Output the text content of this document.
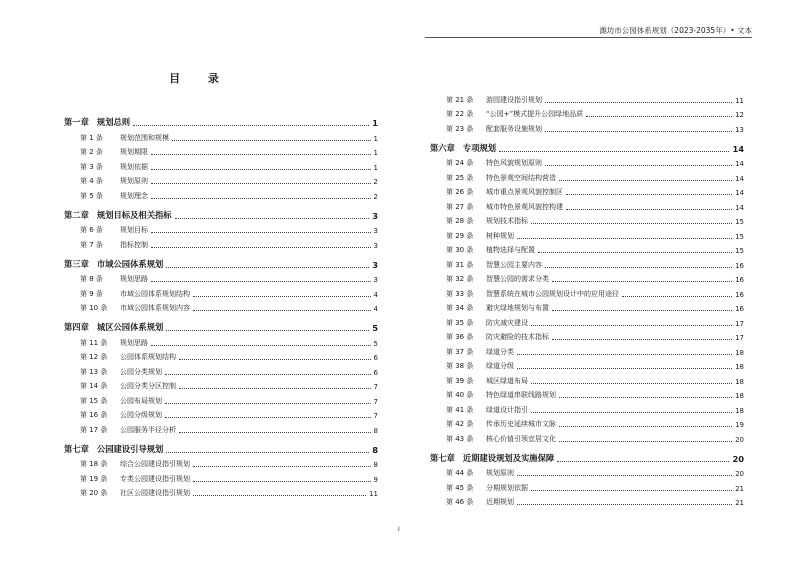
潍坊市公园体系规划（2023-2035年）• 文本
目 录
第一章 规划总则	1
第 1 条	规划范围和规模	1
第 2 条	规划期限	1
第 3 条	规划依据	1
第 4 条	规划原则	2
第 5 条	规划理念	2
第二章 规划目标及相关指标	3
第 6 条	规划目标	3
第 7 条	指标控制	3
第三章 市域公园体系规划	3
第 8 条	规划思路	3
第 9 条	市域公园体系规划结构	4
第 10 条	市域公园体系规划内容	4
第四章 城区公园体系规划	5
第 11 条	规划思路	5
第 12 条	公园体系规划结构	6
第 13 条	公园分类规划	6
第 14 条	公园分类分区控制	7
第 15 条	公园布局规划	7
第 16 条	公园分级规划	7
第 17 条	公园服务半径分析	8
第七章 公园建设引导规划	8
第 18 条	综合公园建设指引规划	8
第 19 条	专类公园建设指引规划	9
第 20 条	社区公园建设指引规划	11
第 21 条	游园建设指引规划	11
第 22 条	“公园+”模式提升公园绿地品质	12
第 23 条	配套服务设施规划	13
第六章 专项规划	14
第 24 条	特色风貌规划原则	14
第 25 条	特色景观空间结构营造	14
第 26 条	城市重点景观风貌控制区	14
第 27 条	城市特色景观风貌控构建	14
第 28 条	规划技术指标	15
第 29 条	树种规划	15
第 30 条	植物选择与配置	15
第 31 条	智慧公园主要内容	16
第 32 条	智慧公园的需求分类	16
第 33 条	智慧系统在城市公园规划设计中的应用途径	16
第 34 条	避灾绿地规划与布置	16
第 35 条	防灾减灾建设	17
第 36 条	防灾避险的技术指标	17
第 37 条	绿道分类	18
第 38 条	绿道分级	18
第 39 条	城区绿道布局	18
第 40 条	特色绿道串联线路规划	18
第 41 条	绿道设计指引	18
第 42 条	传承历史延续城市文脉	19
第 43 条	核心价值引领宜居文化	20
第七章 近期建设规划及实施保障	20
第 44 条	规划原则	20
第 45 条	分期规划依据	21
第 46 条	近期规划	21
I
